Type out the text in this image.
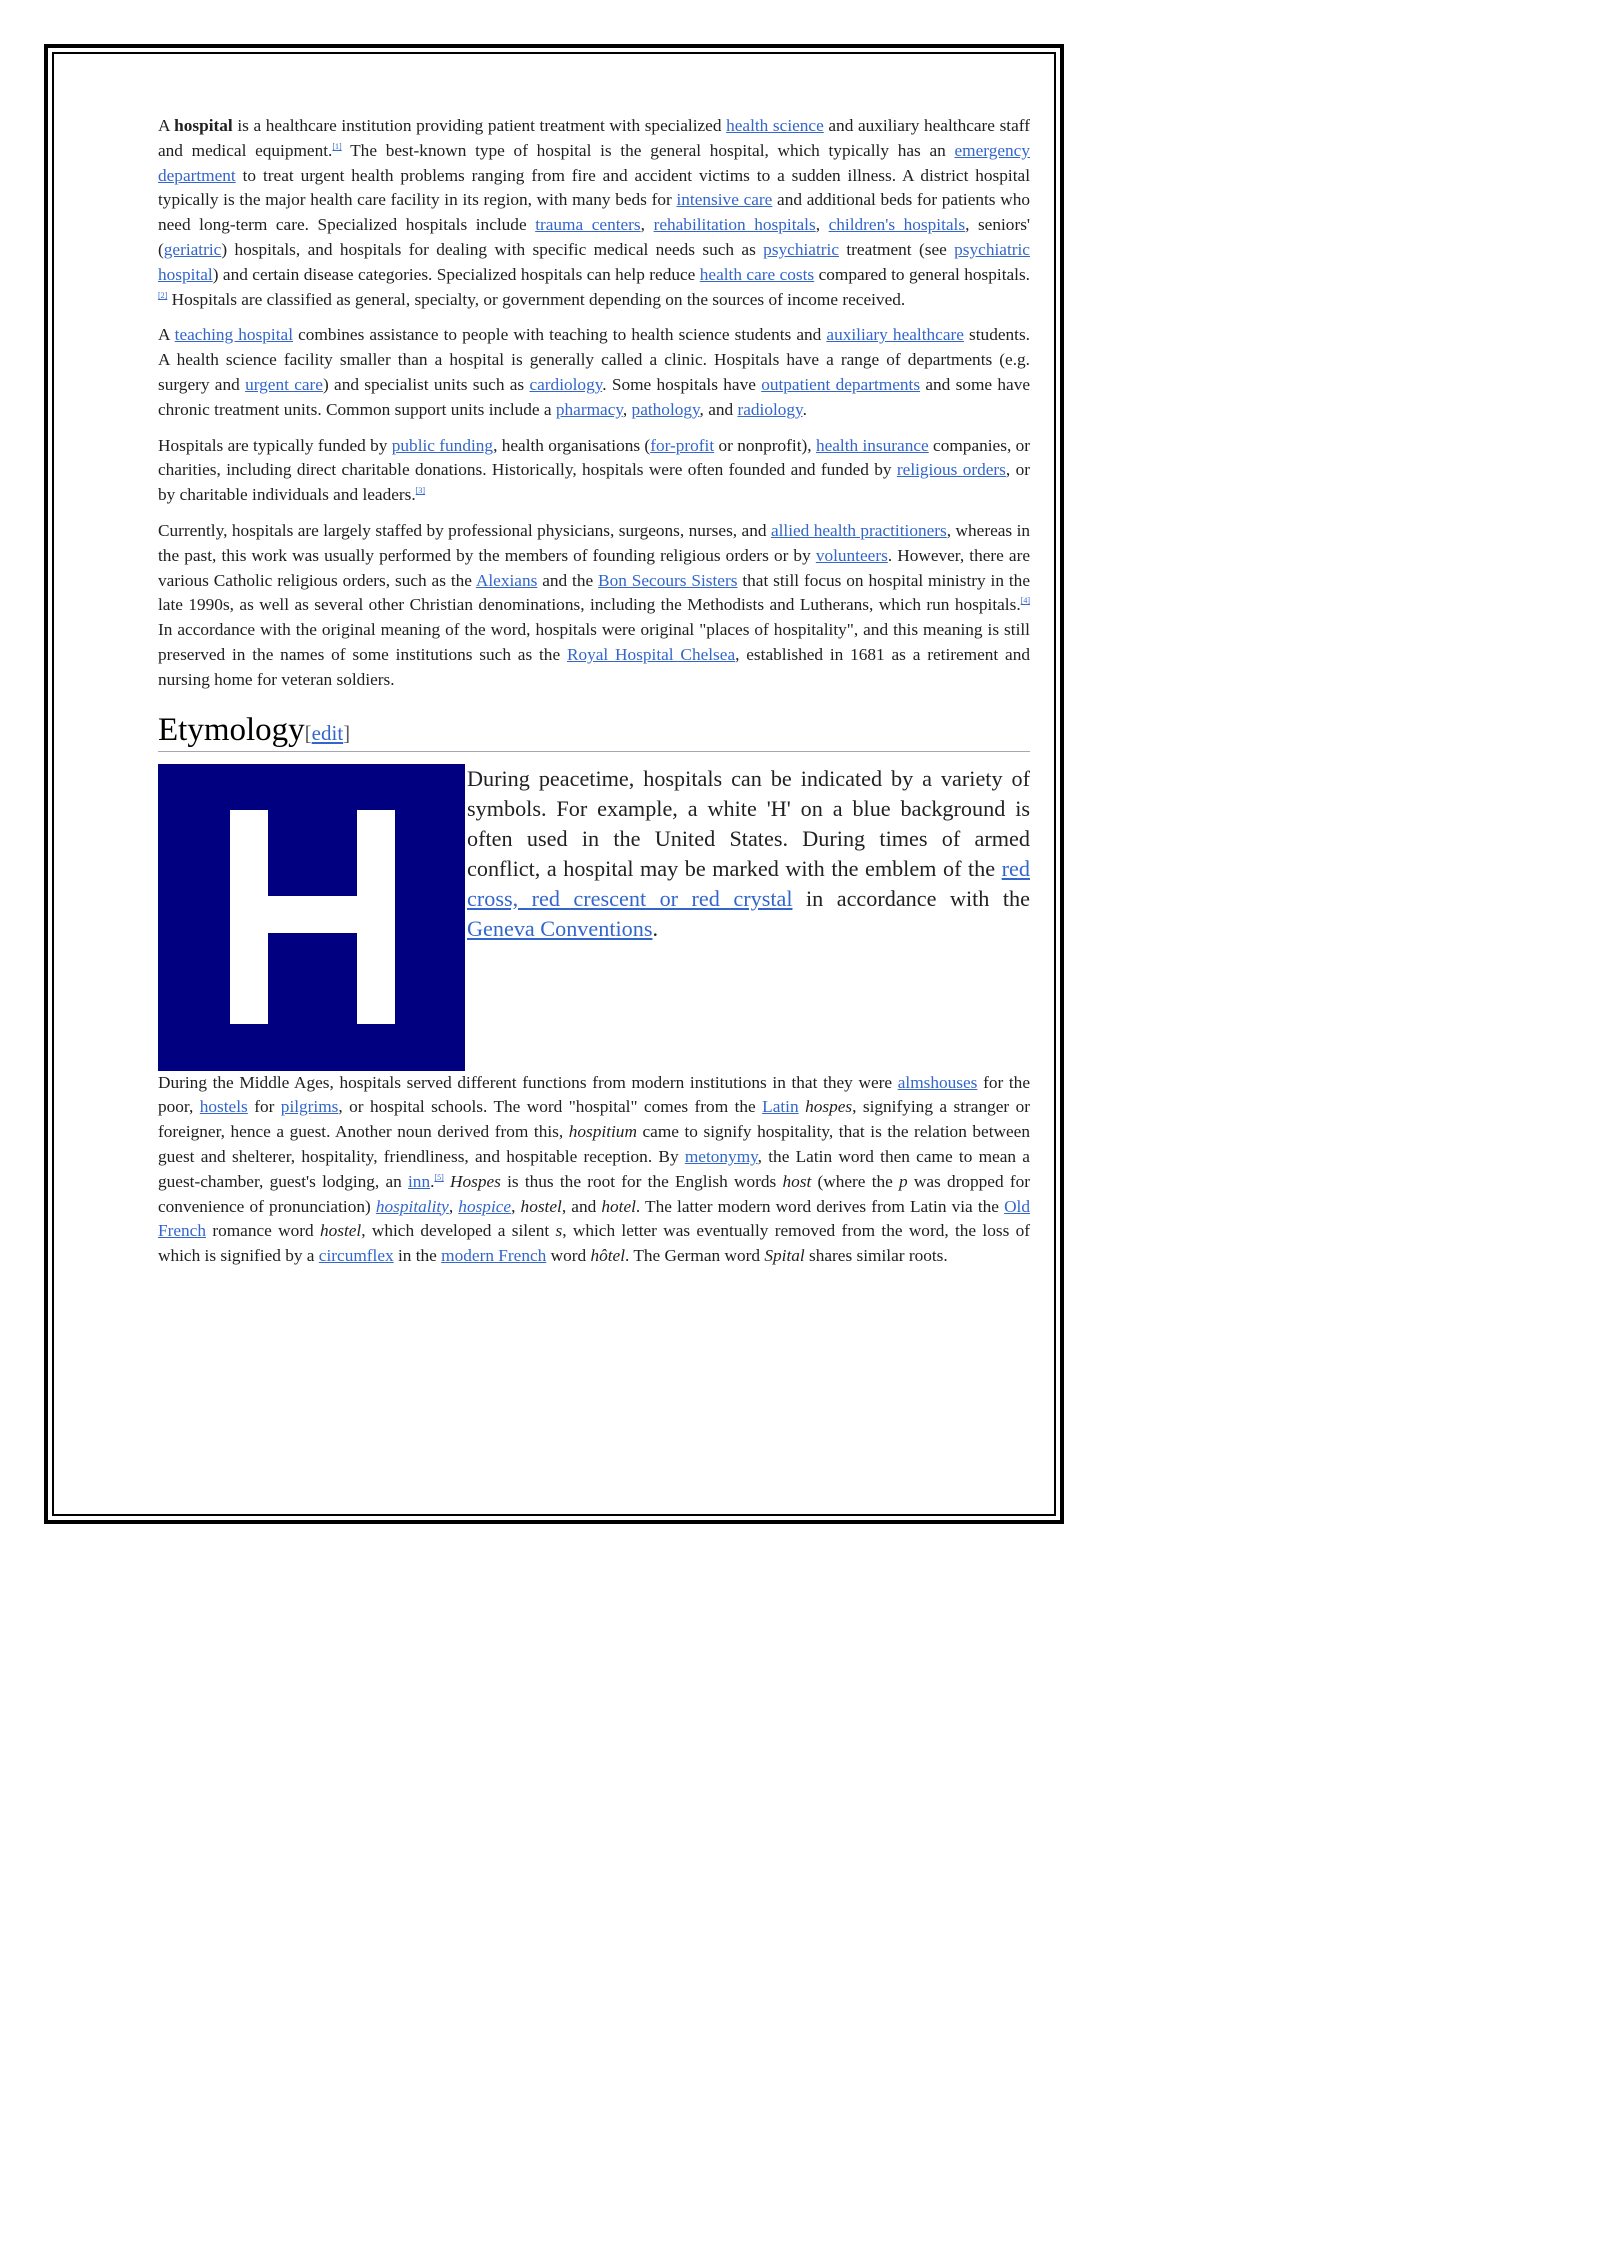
A hospital is a healthcare institution providing patient treatment with specialized health science and auxiliary healthcare staff and medical equipment.[1] The best-known type of hospital is the general hospital, which typically has an emergency department to treat urgent health problems ranging from fire and accident victims to a sudden illness. A district hospital typically is the major health care facility in its region, with many beds for intensive care and additional beds for patients who need long-term care. Specialized hospitals include trauma centers, rehabilitation hospitals, children's hospitals, seniors' (geriatric) hospitals, and hospitals for dealing with specific medical needs such as psychiatric treatment (see psychiatric hospital) and certain disease categories. Specialized hospitals can help reduce health care costs compared to general hospitals.[2] Hospitals are classified as general, specialty, or government depending on the sources of income received.

A teaching hospital combines assistance to people with teaching to health science students and auxiliary healthcare students. A health science facility smaller than a hospital is generally called a clinic. Hospitals have a range of departments (e.g. surgery and urgent care) and specialist units such as cardiology. Some hospitals have outpatient departments and some have chronic treatment units. Common support units include a pharmacy, pathology, and radiology.

Hospitals are typically funded by public funding, health organisations (for-profit or nonprofit), health insurance companies, or charities, including direct charitable donations. Historically, hospitals were often founded and funded by religious orders, or by charitable individuals and leaders.[3]

Currently, hospitals are largely staffed by professional physicians, surgeons, nurses, and allied health practitioners, whereas in the past, this work was usually performed by the members of founding religious orders or by volunteers. However, there are various Catholic religious orders, such as the Alexians and the Bon Secours Sisters that still focus on hospital ministry in the late 1990s, as well as several other Christian denominations, including the Methodists and Lutherans, which run hospitals.[4] In accordance with the original meaning of the word, hospitals were original "places of hospitality", and this meaning is still preserved in the names of some institutions such as the Royal Hospital Chelsea, established in 1681 as a retirement and nursing home for veteran soldiers.

Etymology[edit]

During peacetime, hospitals can be indicated by a variety of symbols. For example, a white 'H' on a blue background is often used in the United States. During times of armed conflict, a hospital may be marked with the emblem of the red cross, red crescent or red crystal in accordance with the Geneva Conventions.

During the Middle Ages, hospitals served different functions from modern institutions in that they were almshouses for the poor, hostels for pilgrims, or hospital schools. The word "hospital" comes from the Latin hospes, signifying a stranger or foreigner, hence a guest. Another noun derived from this, hospitium came to signify hospitality, that is the relation between guest and shelterer, hospitality, friendliness, and hospitable reception. By metonymy, the Latin word then came to mean a guest-chamber, guest's lodging, an inn.[5] Hospes is thus the root for the English words host (where the p was dropped for convenience of pronunciation) hospitality, hospice, hostel, and hotel. The latter modern word derives from Latin via the Old French romance word hostel, which developed a silent s, which letter was eventually removed from the word, the loss of which is signified by a circumflex in the modern French word hôtel. The German word Spital shares similar roots.
